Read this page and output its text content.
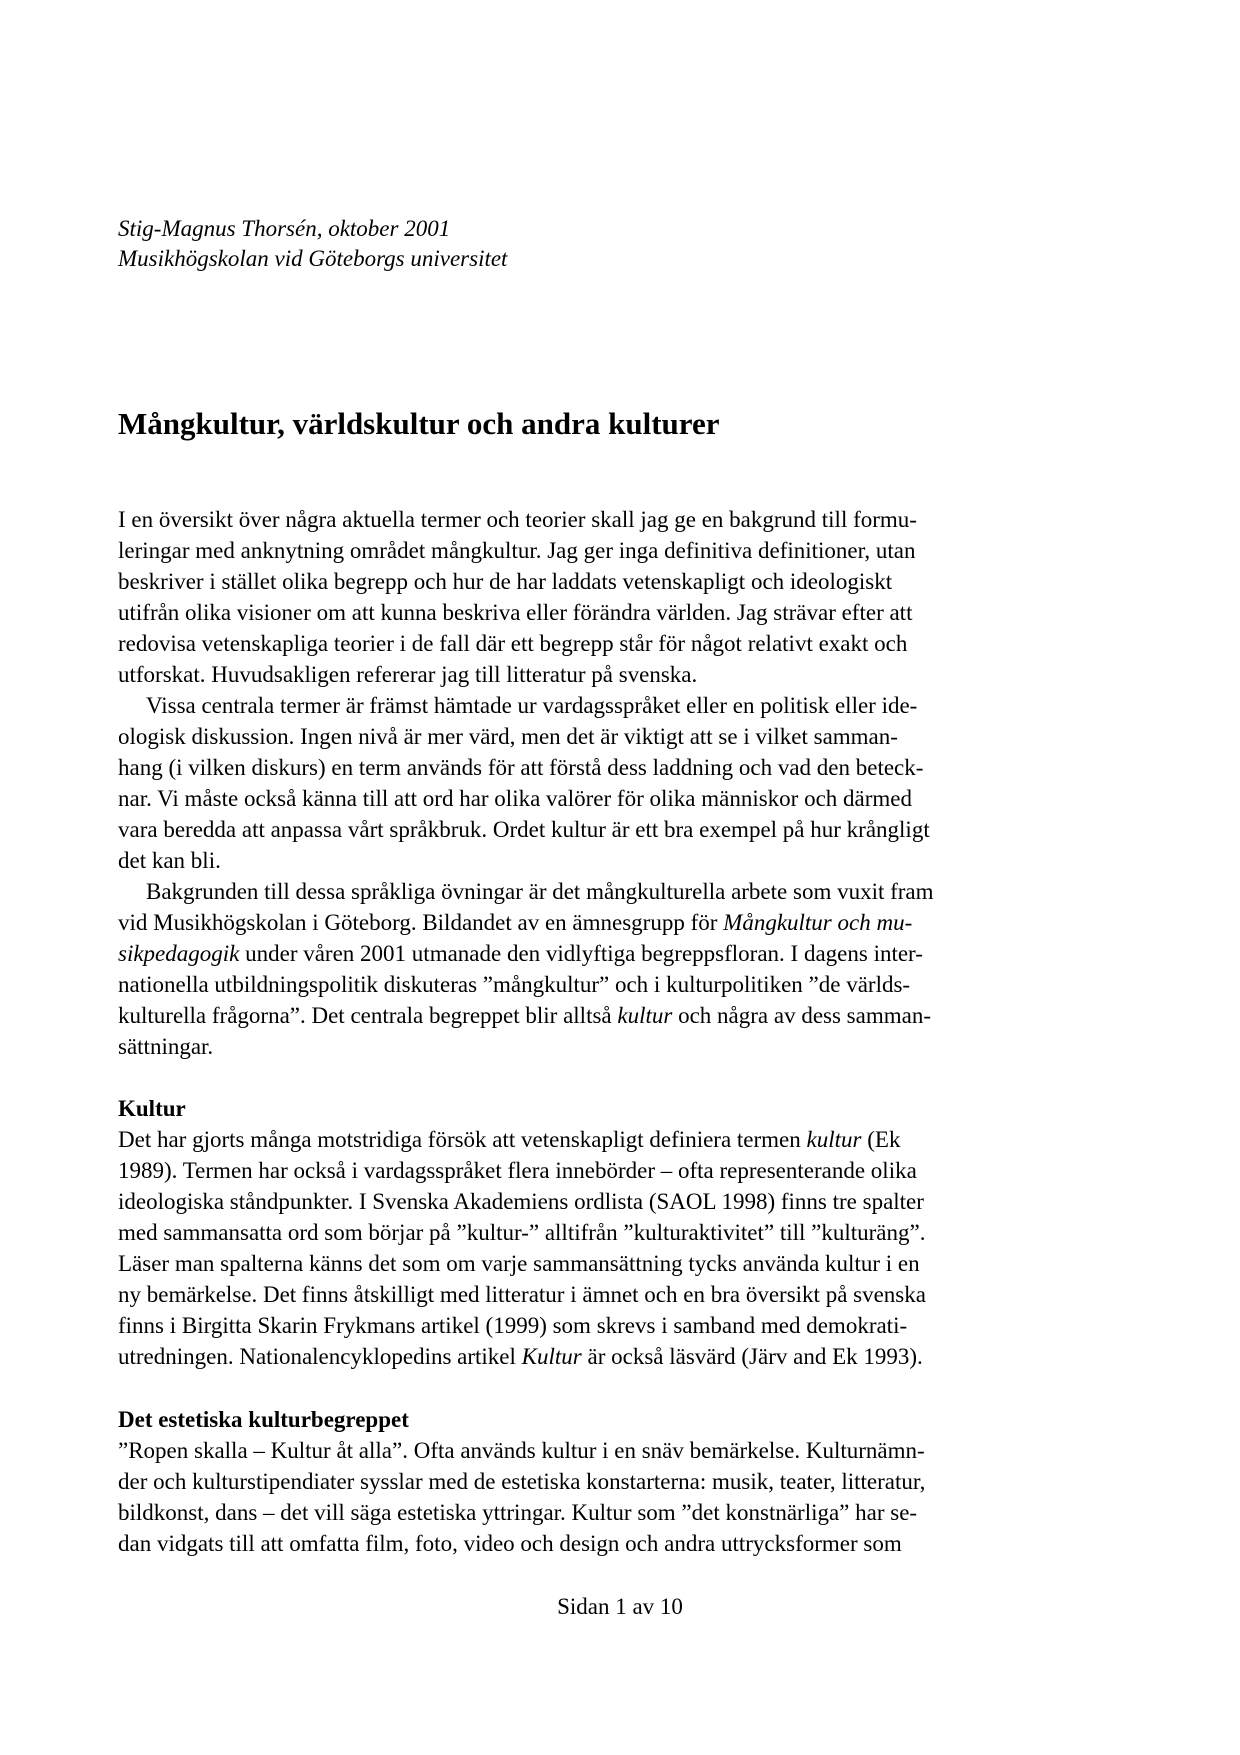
Stig-Magnus Thorsén, oktober 2001
Musikhögskolan vid Göteborgs universitet
Mångkultur, världskultur och andra kulturer
I en översikt över några aktuella termer och teorier skall jag ge en bakgrund till formu-
leringar med anknytning området mångkultur. Jag ger inga definitiva definitioner, utan
beskriver i stället olika begrepp och hur de har laddats vetenskapligt och ideologiskt
utifrån olika visioner om att kunna beskriva eller förändra världen. Jag strävar efter att
redovisa vetenskapliga teorier i de fall där ett begrepp står för något relativt exakt och
utforskat. Huvudsakligen refererar jag till litteratur på svenska.
Vissa centrala termer är främst hämtade ur vardagsspråket eller en politisk eller ide-
ologisk diskussion. Ingen nivå är mer värd, men det är viktigt att se i vilket samman-
hang (i vilken diskurs) en term används för att förstå dess laddning och vad den beteck-
nar. Vi måste också känna till att ord har olika valörer för olika människor och därmed
vara beredda att anpassa vårt språkbruk. Ordet kultur är ett bra exempel på hur krångligt
det kan bli.
Bakgrunden till dessa språkliga övningar är det mångkulturella arbete som vuxit fram
vid Musikhögskolan i Göteborg. Bildandet av en ämnesgrupp för Mångkultur och mu-
sikpedagogik under våren 2001 utmanade den vidlyftiga begreppsfloran. I dagens inter-
nationella utbildningspolitik diskuteras ”mångkultur” och i kulturpolitiken ”de världs-
kulturella frågorna”. Det centrala begreppet blir alltså kultur och några av dess samman-
sättningar.
Kultur
Det har gjorts många motstridiga försök att vetenskapligt definiera termen kultur (Ek
1989). Termen har också i vardagsspråket flera innebörder – ofta representerande olika
ideologiska ståndpunkter. I Svenska Akademiens ordlista (SAOL 1998) finns tre spalter
med sammansatta ord som börjar på ”kultur-” alltifrån ”kulturaktivitet” till ”kulturäng”.
Läser man spalterna känns det som om varje sammansättning tycks använda kultur i en
ny bemärkelse. Det finns åtskilligt med litteratur i ämnet och en bra översikt på svenska
finns i Birgitta Skarin Frykmans artikel (1999) som skrevs i samband med demokrati-
utredningen. Nationalencyklopedins artikel Kultur är också läsvärd (Järv and Ek 1993).
Det estetiska kulturbegreppet
”Ropen skalla – Kultur åt alla”. Ofta används kultur i en snäv bemärkelse. Kulturnämn-
der och kulturstipendiater sysslar med de estetiska konstarterna: musik, teater, litteratur,
bildkonst, dans – det vill säga estetiska yttringar. Kultur som ”det konstnärliga” har se-
dan vidgats till att omfatta film, foto, video och design och andra uttrycksformer som
Sidan 1 av 10
